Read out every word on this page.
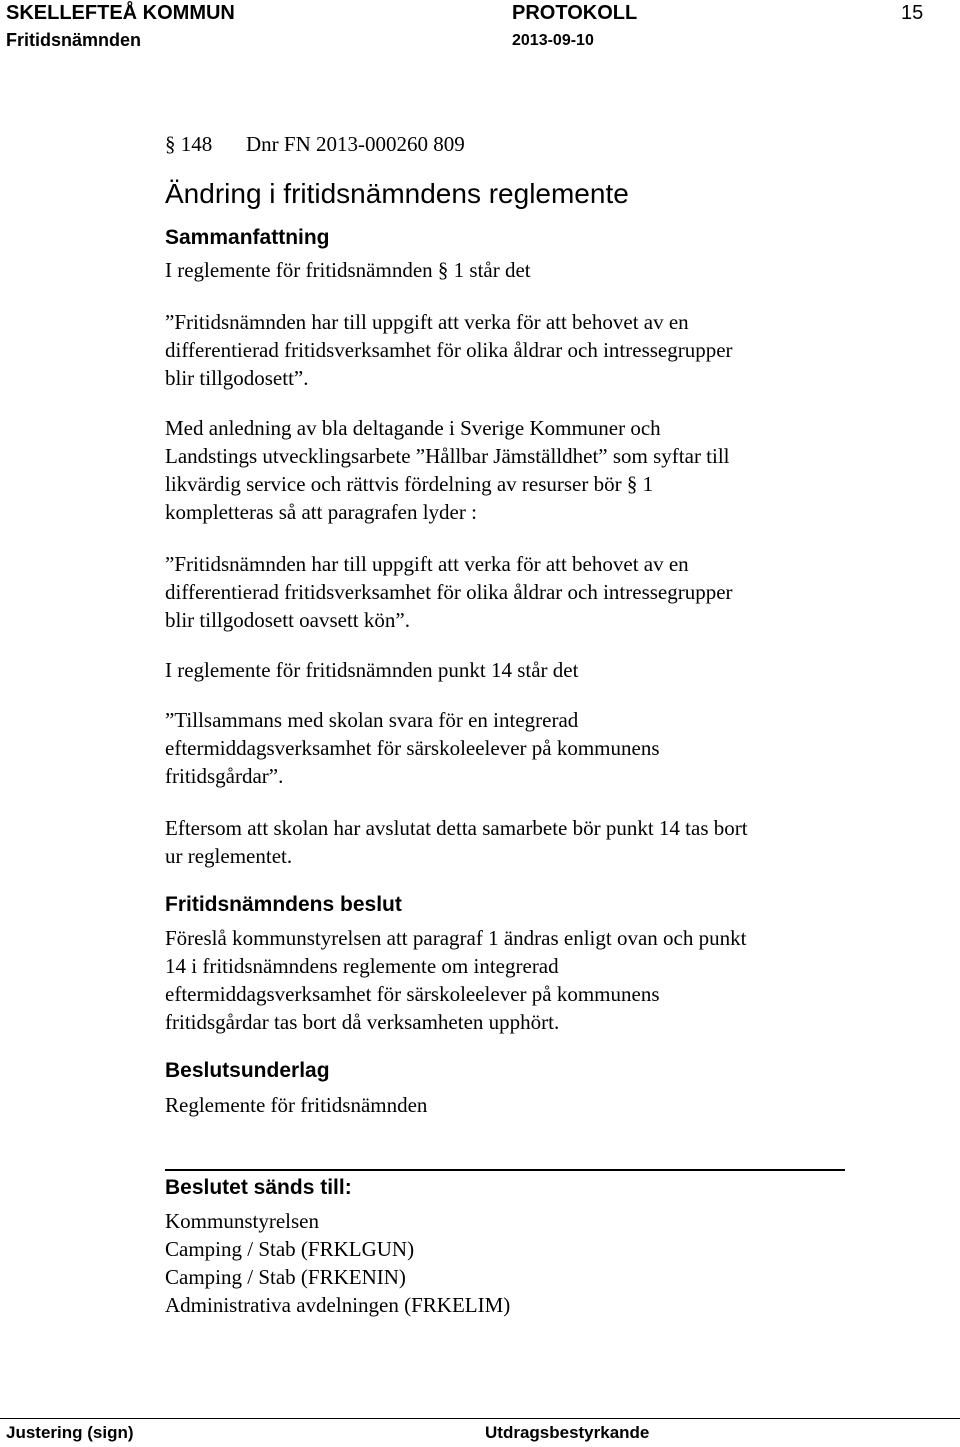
SKELLEFTEÅ KOMMUN	PROTOKOLL	15
Fritidsnämnden	2013-09-10
§ 148 Dnr FN 2013-000260 809
Ändring i fritidsnämndens reglemente
Sammanfattning
I reglemente för fritidsnämnden § 1 står det
”Fritidsnämnden har till uppgift att verka för att behovet av en
differentierad fritidsverksamhet för olika åldrar och intressegrupper
blir tillgodosett”.
Med anledning av bla deltagande i Sverige Kommuner och
Landstings utvecklingsarbete ”Hållbar Jämställdhet” som syftar till
likvärdig service och rättvis fördelning av resurser bör § 1
kompletteras så att paragrafen lyder :
”Fritidsnämnden har till uppgift att verka för att behovet av en
differentierad fritidsverksamhet för olika åldrar och intressegrupper
blir tillgodosett oavsett kön”.
I reglemente för fritidsnämnden punkt 14 står det
”Tillsammans med skolan svara för en integrerad
eftermiddagsverksamhet för särskoleelever på kommunens
fritidsgårdar”.
Eftersom att skolan har avslutat detta samarbete bör punkt 14 tas bort
ur reglementet.
Fritidsnämndens beslut
Föreslå kommunstyrelsen att paragraf 1 ändras enligt ovan och punkt
14 i fritidsnämndens reglemente om integrerad
eftermiddagsverksamhet för särskoleelever på kommunens
fritidsgårdar tas bort då verksamheten upphört.
Beslutsunderlag
Reglemente för fritidsnämnden
Beslutet sänds till:
Kommunstyrelsen
Camping / Stab (FRKLGUN)
Camping / Stab (FRKENIN)
Administrativa avdelningen (FRKELIM)
Justering (sign)	Utdragsbestyrkande
